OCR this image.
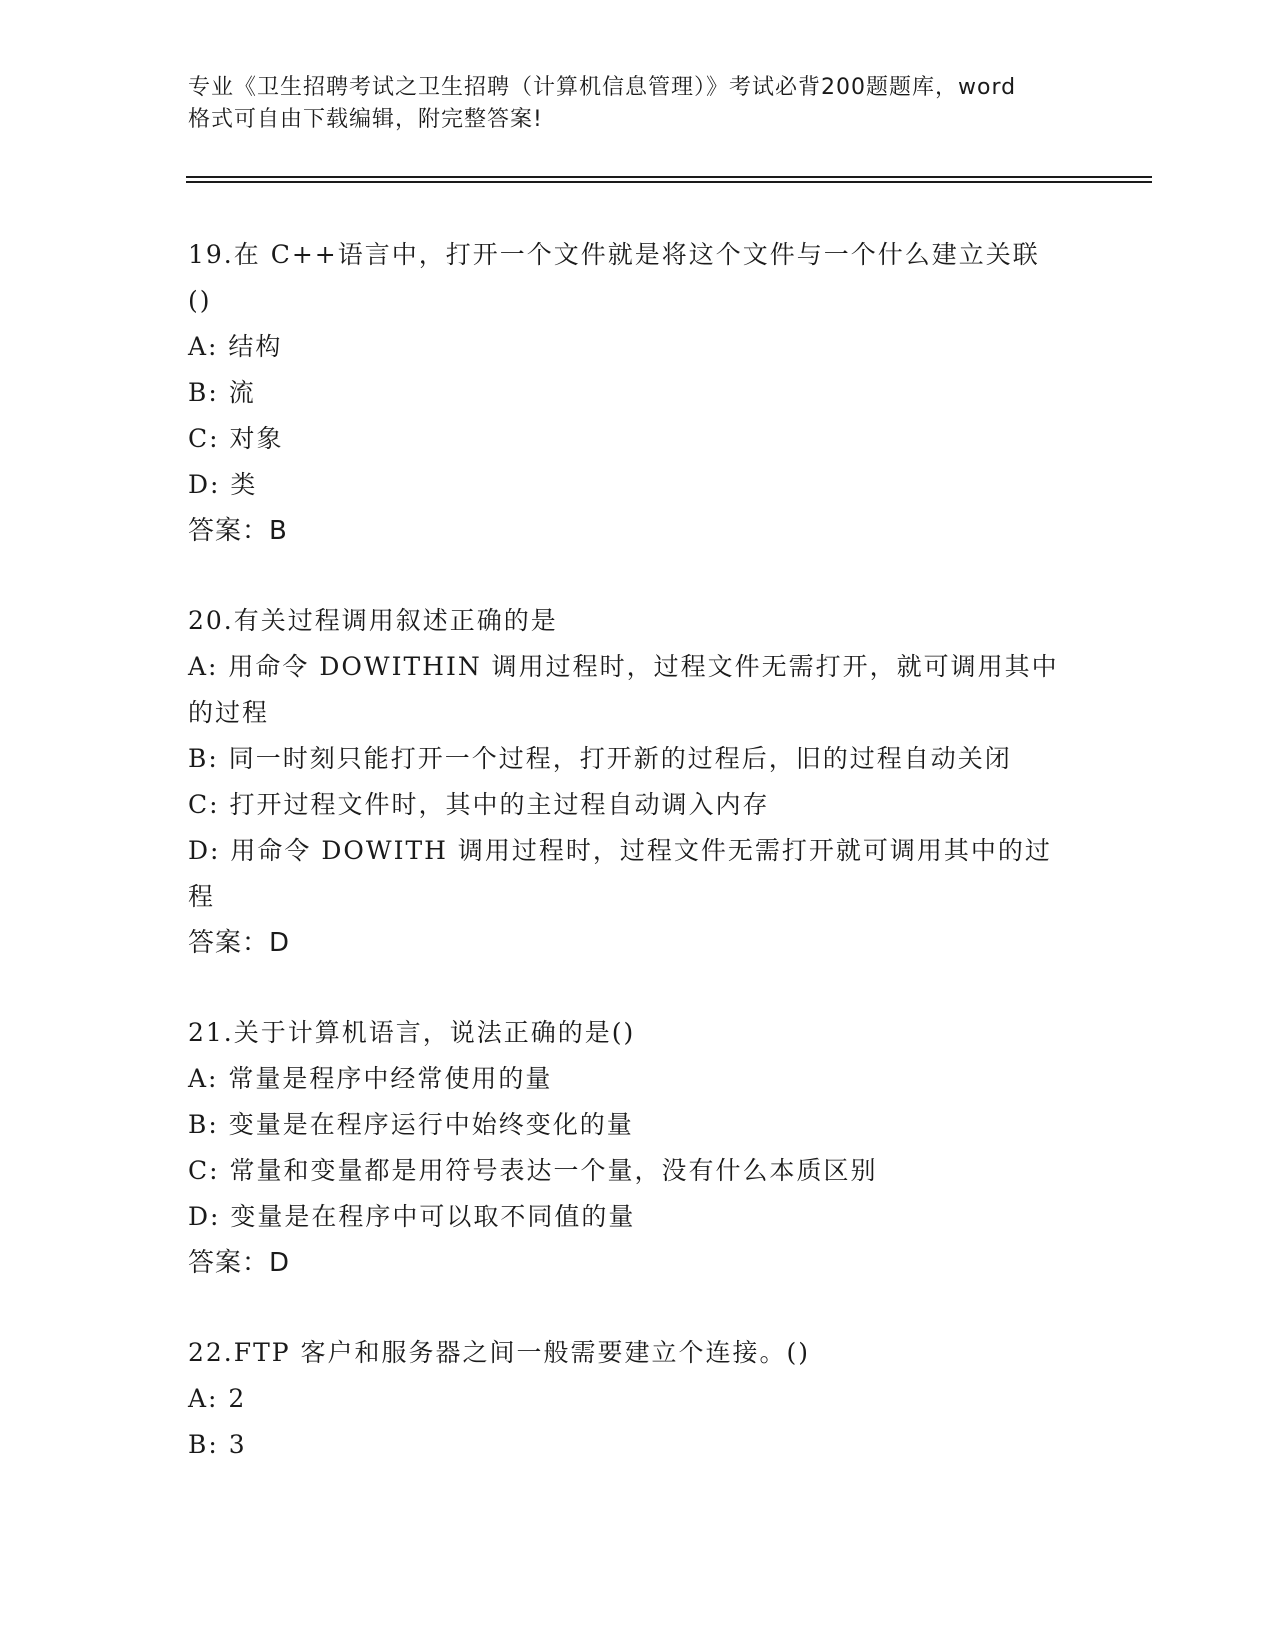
专业《卫生招聘考试之卫生招聘（计算机信息管理）》考试必背200题题库，word
格式可自由下载编辑，附完整答案!
19.在 C++语言中，打开一个文件就是将这个文件与一个什么建立关联
()
A: 结构
B: 流
C: 对象
D: 类
答案：B
20.有关过程调用叙述正确的是
A: 用命令 DOWITHIN 调用过程时，过程文件无需打开，就可调用其中
的过程
B: 同一时刻只能打开一个过程，打开新的过程后，旧的过程自动关闭
C: 打开过程文件时，其中的主过程自动调入内存
D: 用命令 DOWITH 调用过程时，过程文件无需打开就可调用其中的过
程
答案：D
21.关于计算机语言，说法正确的是()
A: 常量是程序中经常使用的量
B: 变量是在程序运行中始终变化的量
C: 常量和变量都是用符号表达一个量，没有什么本质区别
D: 变量是在程序中可以取不同值的量
答案：D
22.FTP 客户和服务器之间一般需要建立个连接。()
A: 2
B: 3
